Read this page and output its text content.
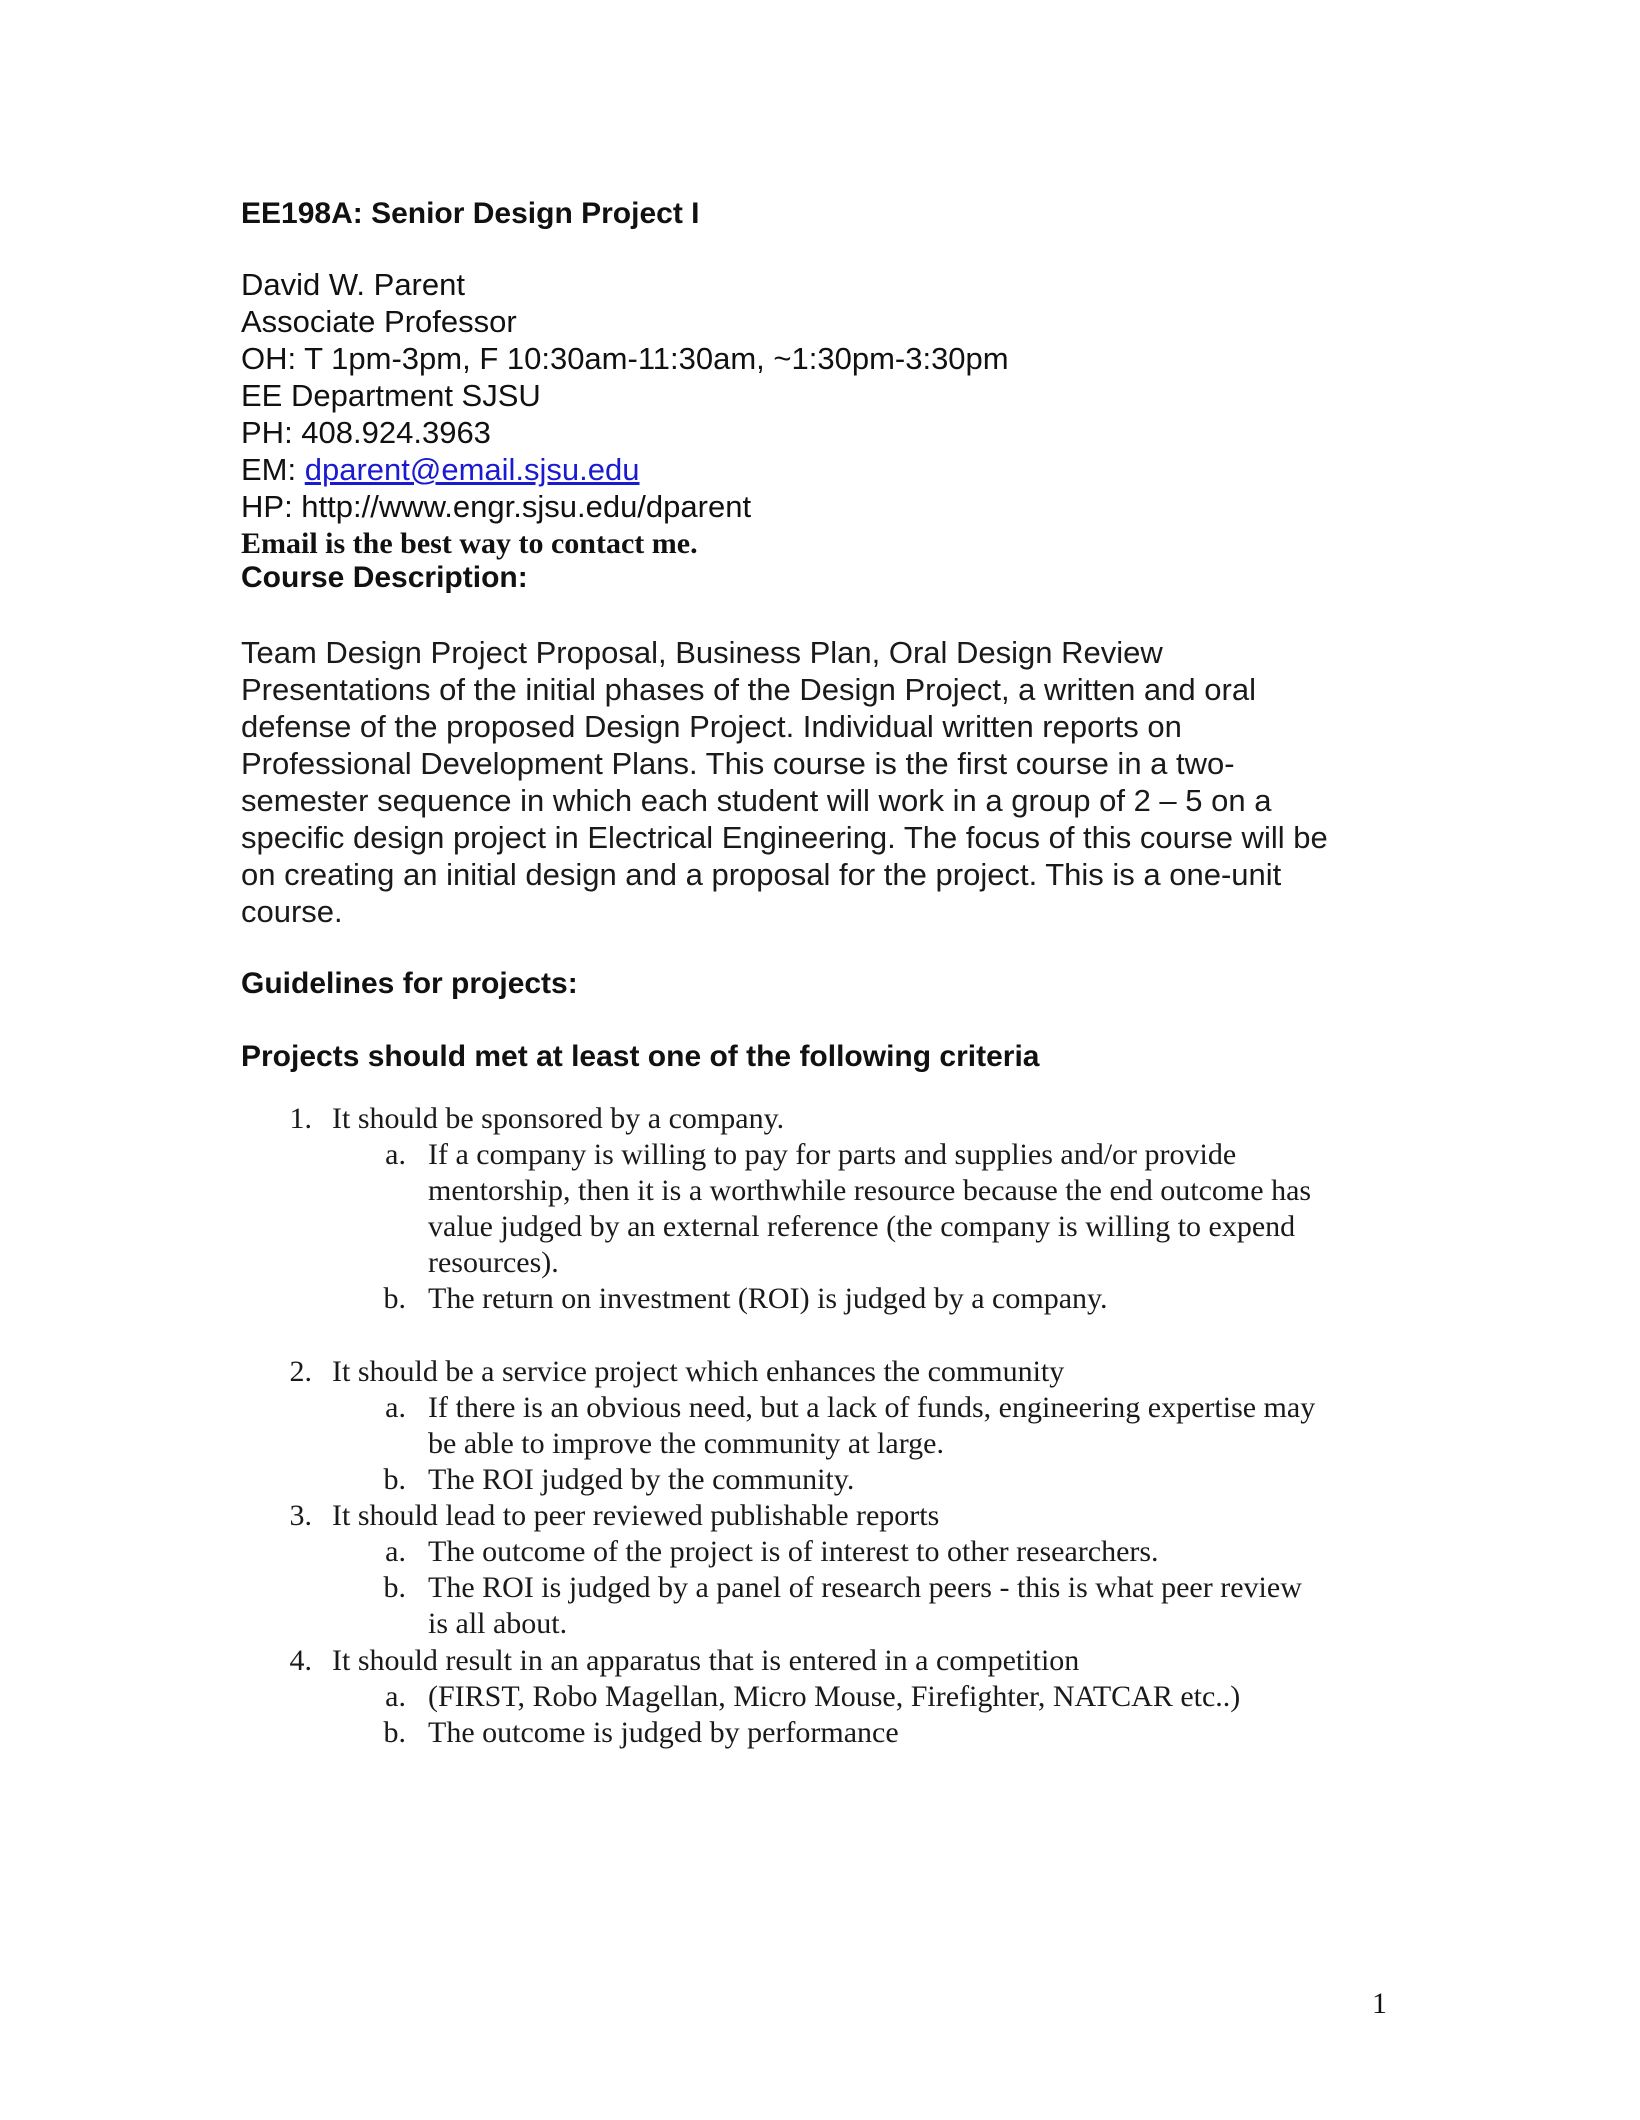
EE198A: Senior Design Project I
David W. Parent
Associate Professor
OH: T 1pm-3pm, F 10:30am-11:30am, ~1:30pm-3:30pm
EE Department SJSU
PH: 408.924.3963
EM: dparent@email.sjsu.edu
HP: http://www.engr.sjsu.edu/dparent
Email is the best way to contact me.
Course Description:
Team Design Project Proposal, Business Plan, Oral Design Review
Presentations of the initial phases of the Design Project, a written and oral
defense of the proposed Design Project. Individual written reports on
Professional Development Plans. This course is the first course in a two-
semester sequence in which each student will work in a group of 2 – 5 on a
specific design project in Electrical Engineering. The focus of this course will be
on creating an initial design and a proposal for the project. This is a one-unit
course.
Guidelines for projects:
Projects should met at least one of the following criteria
1. It should be sponsored by a company.
a. If a company is willing to pay for parts and supplies and/or provide
mentorship, then it is a worthwhile resource because the end outcome has
value judged by an external reference (the company is willing to expend
resources).
b. The return on investment (ROI) is judged by a company.
2. It should be a service project which enhances the community
a. If there is an obvious need, but a lack of funds, engineering expertise may
be able to improve the community at large.
b. The ROI judged by the community.
3. It should lead to peer reviewed publishable reports
a. The outcome of the project is of interest to other researchers.
b. The ROI is judged by a panel of research peers - this is what peer review
is all about.
4. It should result in an apparatus that is entered in a competition
a. (FIRST, Robo Magellan, Micro Mouse, Firefighter, NATCAR etc..)
b. The outcome is judged by performance
1
